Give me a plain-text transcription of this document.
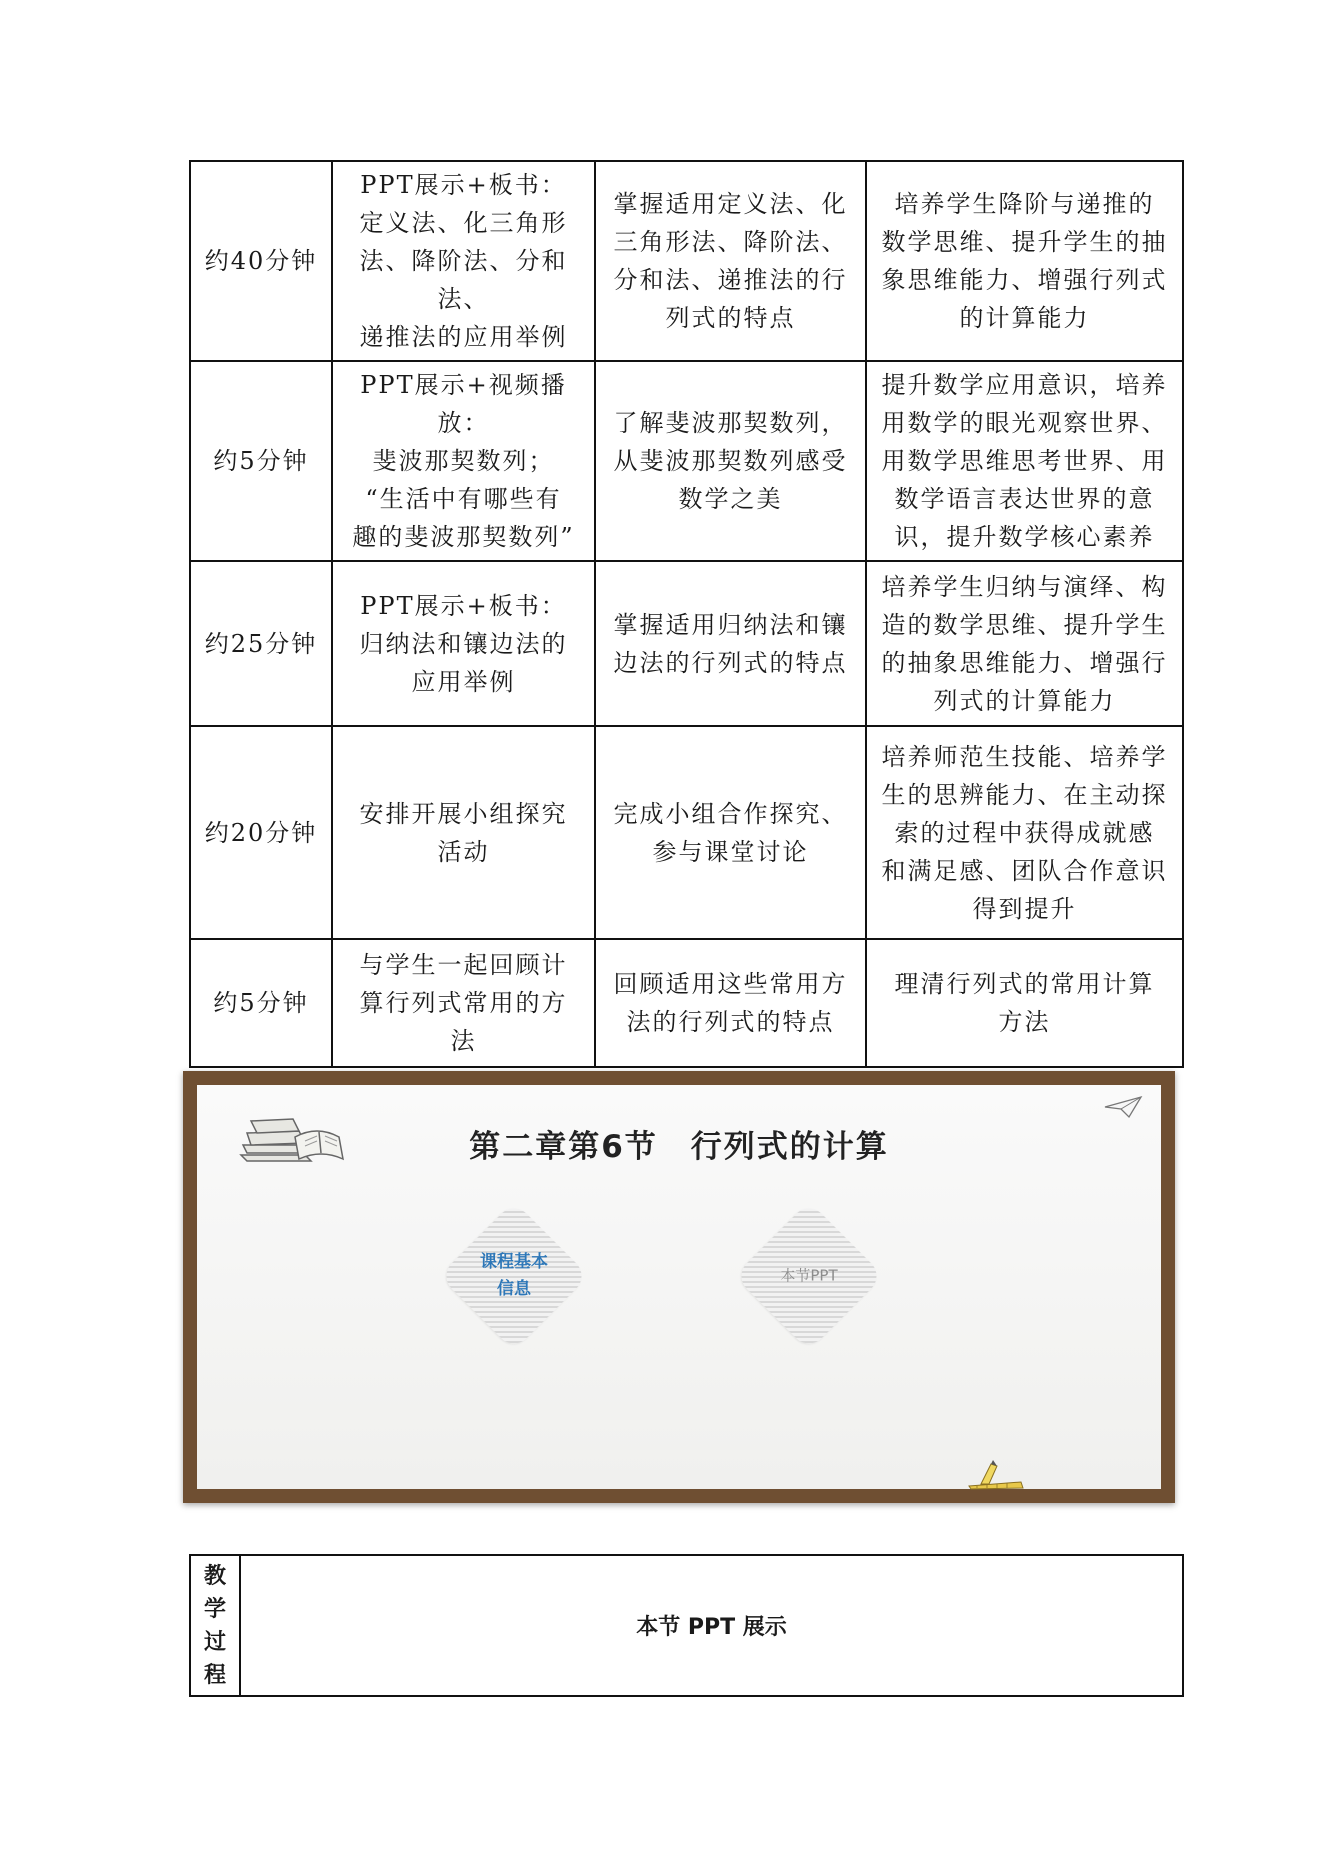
约40分钟	PPT展示+板书：
定义法、化三角形
法、降阶法、分和法、
递推法的应用举例	掌握适用定义法、化
三角形法、降阶法、
分和法、递推法的行
列式的特点	培养学生降阶与递推的
数学思维、提升学生的抽
象思维能力、增强行列式
的计算能力

约5分钟	PPT展示+视频播放：
斐波那契数列；
“生活中有哪些有
趣的斐波那契数列”	了解斐波那契数列，
从斐波那契数列感受
数学之美	提升数学应用意识，培养
用数学的眼光观察世界、
用数学思维思考世界、用
数学语言表达世界的意
识，提升数学核心素养

约25分钟	PPT展示+板书：
归纳法和镶边法的
应用举例	掌握适用归纳法和镶
边法的行列式的特点	培养学生归纳与演绎、构
造的数学思维、提升学生
的抽象思维能力、增强行
列式的计算能力

约20分钟	安排开展小组探究
活动	完成小组合作探究、
参与课堂讨论	培养师范生技能、培养学
生的思辨能力、在主动探
索的过程中获得成就感
和满足感、团队合作意识
得到提升

约5分钟	与学生一起回顾计
算行列式常用的方
法	回顾适用这些常用方
法的行列式的特点	理清行列式的常用计算
方法
第二章第6节　行列式的计算
课程基本
信息
本节PPT
教
学
过
程
	本节 PPT 展示
